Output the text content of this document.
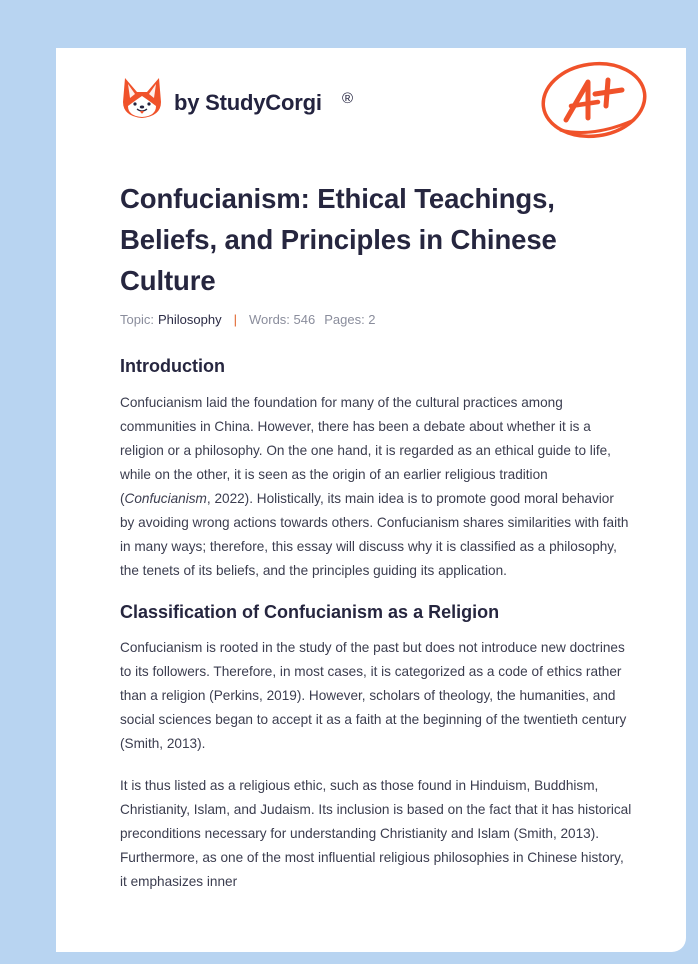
by StudyCorgi ®
Confucianism: Ethical Teachings, Beliefs, and Principles in Chinese Culture
Topic: Philosophy | Words: 546 Pages: 2
Introduction

Confucianism laid the foundation for many of the cultural practices among communities in China. However, there has been a debate about whether it is a religion or a philosophy. On the one hand, it is regarded as an ethical guide to life, while on the other, it is seen as the origin of an earlier religious tradition (Confucianism, 2022). Holistically, its main idea is to promote good moral behavior by avoiding wrong actions towards others. Confucianism shares similarities with faith in many ways; therefore, this essay will discuss why it is classified as a philosophy, the tenets of its beliefs, and the principles guiding its application.

Classification of Confucianism as a Religion

Confucianism is rooted in the study of the past but does not introduce new doctrines to its followers. Therefore, in most cases, it is categorized as a code of ethics rather than a religion (Perkins, 2019). However, scholars of theology, the humanities, and social sciences began to accept it as a faith at the beginning of the twentieth century (Smith, 2013).

It is thus listed as a religious ethic, such as those found in Hinduism, Buddhism, Christianity, Islam, and Judaism. Its inclusion is based on the fact that it has historical preconditions necessary for understanding Christianity and Islam (Smith, 2013). Furthermore, as one of the most influential religious philosophies in Chinese history, it emphasizes inner
